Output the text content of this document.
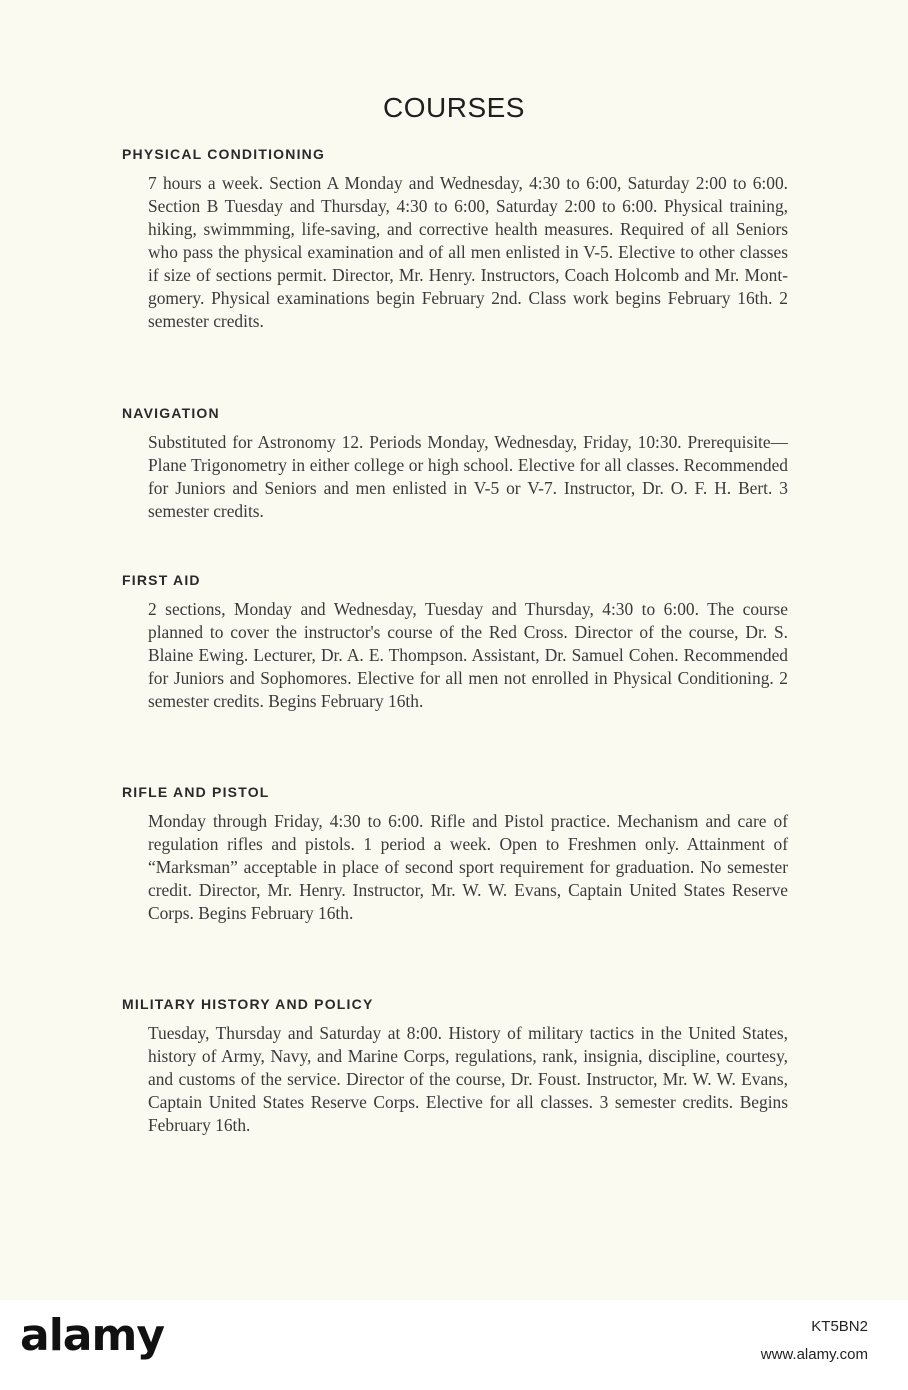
COURSES
PHYSICAL CONDITIONING

7 hours a week. Section A Monday and Wednesday, 4:30 to 6:00, Saturday 2:00 to 6:00. Section B Tuesday and Thursday, 4:30 to 6:00, Saturday 2:00 to 6:00. Physical training, hiking, swimmming, life-saving, and corrective health measures. Required of all Seniors who pass the physical examination and of all men enlisted in V-5. Elective to other classes if size of sections permit. Director, Mr. Henry. Instructors, Coach Holcomb and Mr. Montgomery. Physical examinations begin February 2nd. Class work begins February 16th. 2 semester credits.

NAVIGATION

Substituted for Astronomy 12. Periods Monday, Wednesday, Friday, 10:30. Prerequisite—Plane Trigonometry in either college or high school. Elective for all classes. Recommended for Juniors and Seniors and men enlisted in V-5 or V-7. Instructor, Dr. O. F. H. Bert. 3 semester credits.

FIRST AID

2 sections, Monday and Wednesday, Tuesday and Thursday, 4:30 to 6:00. The course planned to cover the instructor's course of the Red Cross. Director of the course, Dr. S. Blaine Ewing. Lecturer, Dr. A. E. Thompson. Assistant, Dr. Samuel Cohen. Recommended for Juniors and Sophomores. Elective for all men not enrolled in Physical Conditioning. 2 semester credits. Begins February 16th.

RIFLE AND PISTOL

Monday through Friday, 4:30 to 6:00. Rifle and Pistol practice. Mechanism and care of regulation rifles and pistols. 1 period a week. Open to Freshmen only. Attainment of “Marksman” acceptable in place of second sport requirement for graduation. No semester credit. Director, Mr. Henry. Instructor, Mr. W. W. Evans, Captain United States Reserve Corps. Begins February 16th.

MILITARY HISTORY AND POLICY

Tuesday, Thursday and Saturday at 8:00. History of military tactics in the United States, history of Army, Navy, and Marine Corps, regulations, rank, insignia, discipline, courtesy, and customs of the service. Director of the course, Dr. Foust. Instructor, Mr. W. W. Evans, Captain United States Reserve Corps. Elective for all classes. 3 semester credits. Begins February 16th.

alamy	KT5BN2
www.alamy.com
